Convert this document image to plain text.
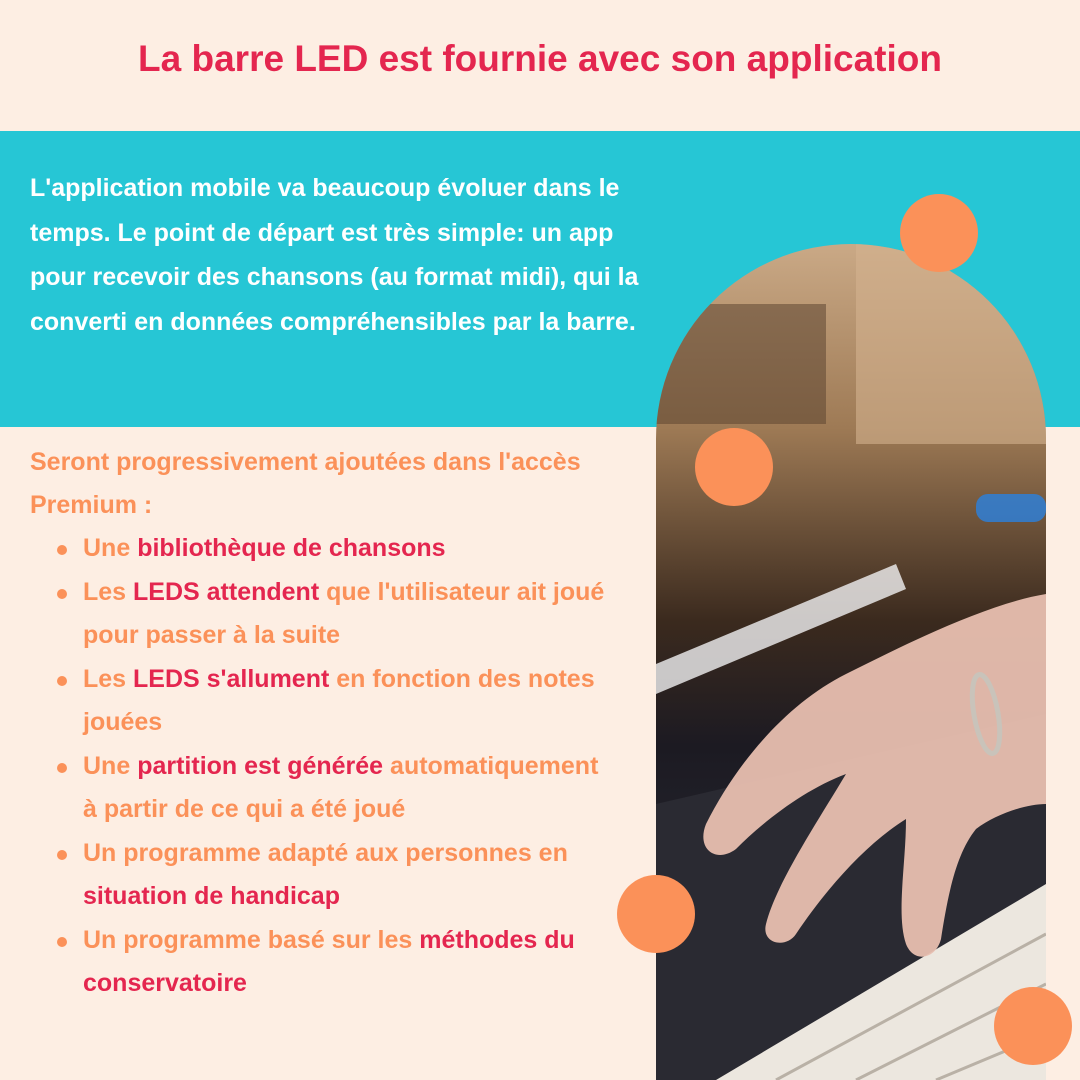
La barre LED est fournie avec son application

L'application mobile va beaucoup évoluer dans le temps. Le point de départ est très simple: un app pour recevoir des chansons (au format midi), qui la converti en données compréhensibles par la barre.

Seront progressivement ajoutées dans l'accès Premium :

Une bibliothèque de chansons
Les LEDS attendent que l'utilisateur ait joué pour passer à la suite
Les LEDS s'allument en fonction des notes jouées
Une partition est générée automatiquement à partir de ce qui a été joué
Un programme adapté aux personnes en situation de handicap
Un programme basé sur les méthodes du conservatoire
